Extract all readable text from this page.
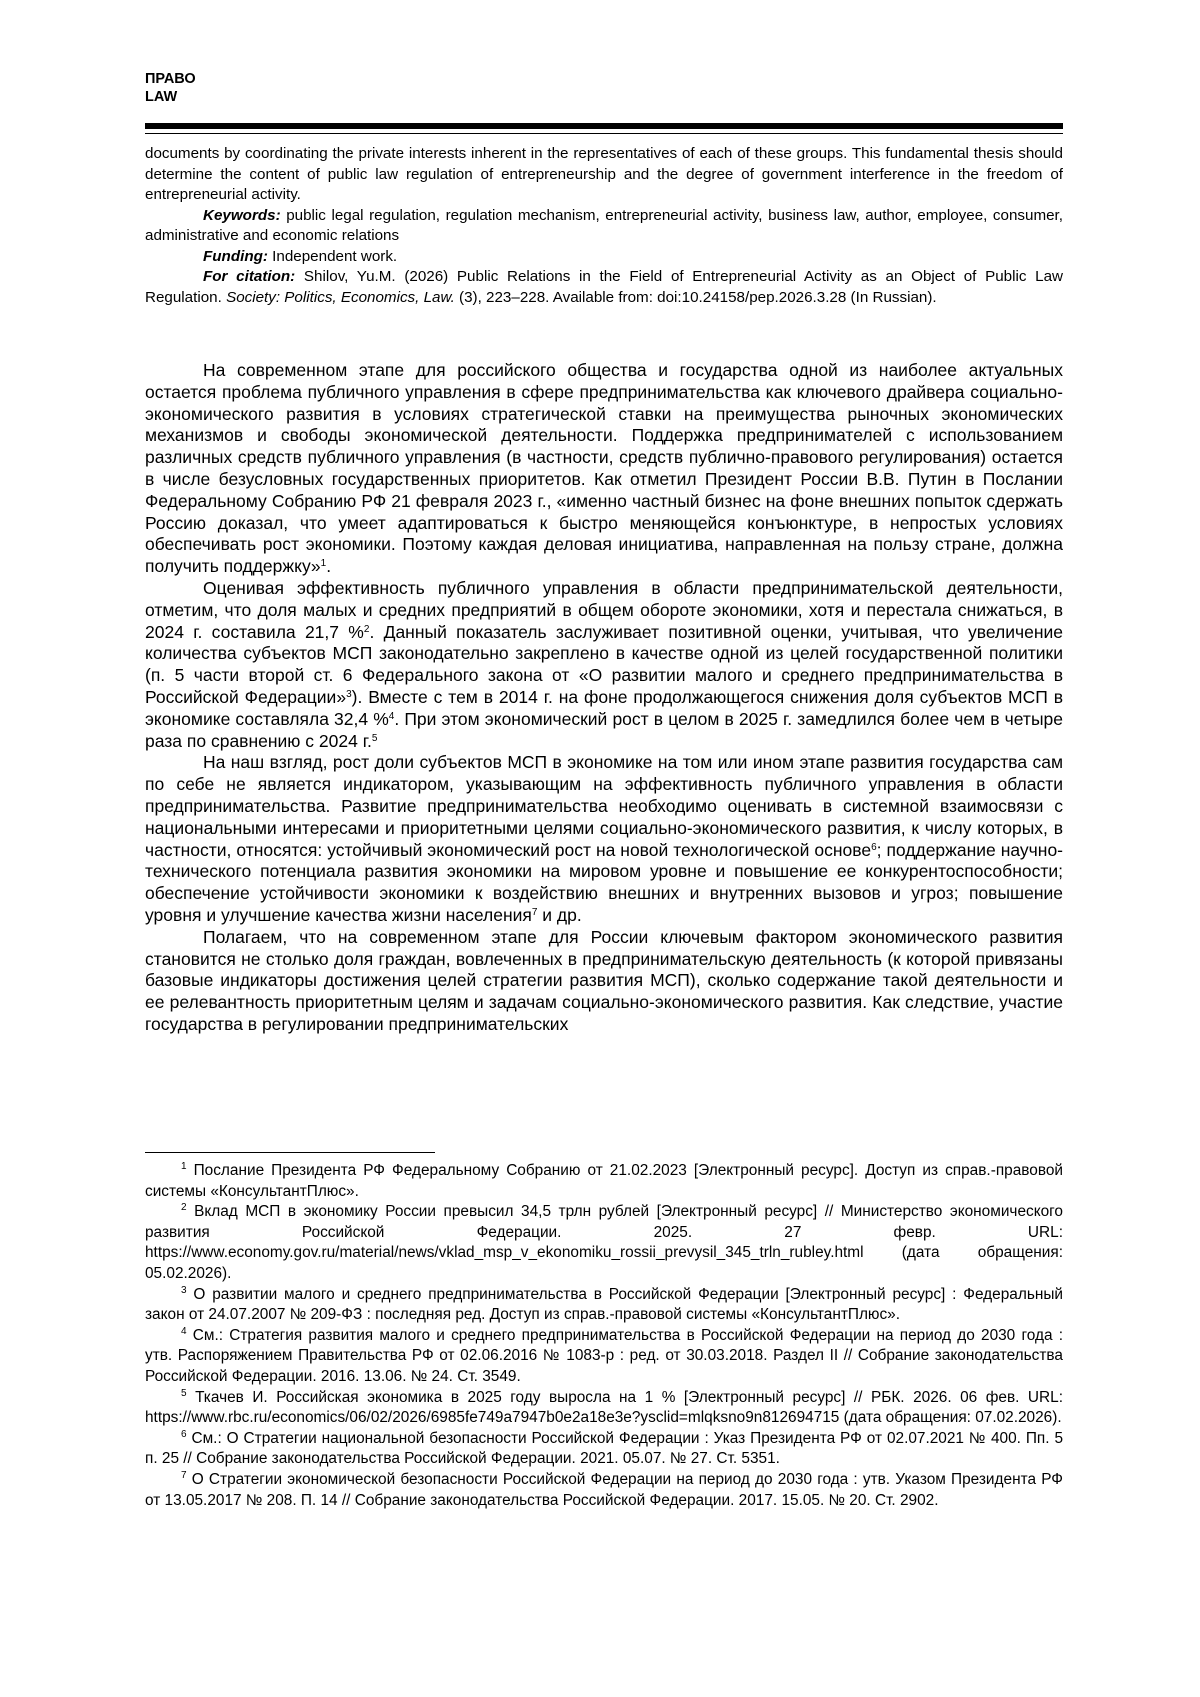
ПРАВО
LAW

documents by coordinating the private interests inherent in the representatives of each of these groups. This fundamental thesis should determine the content of public law regulation of entrepreneurship and the degree of government interference in the freedom of entrepreneurial activity.

Keywords: public legal regulation, regulation mechanism, entrepreneurial activity, business law, author, employee, consumer, administrative and economic relations

Funding: Independent work.

For citation: Shilov, Yu.M. (2026) Public Relations in the Field of Entrepreneurial Activity as an Object of Public Law Regulation. Society: Politics, Economics, Law. (3), 223–228. Available from: doi:10.24158/pep.2026.3.28 (In Russian).

На современном этапе для российского общества и государства одной из наиболее актуальных остается проблема публичного управления в сфере предпринимательства как ключевого драйвера социально-экономического развития в условиях стратегической ставки на преимущества рыночных экономических механизмов и свободы экономической деятельности. Поддержка предпринимателей с использованием различных средств публичного управления (в частности, средств публично-правового регулирования) остается в числе безусловных государственных приоритетов. Как отметил Президент России В.В. Путин в Послании Федеральному Собранию РФ 21 февраля 2023 г., «именно частный бизнес на фоне внешних попыток сдержать Россию доказал, что умеет адаптироваться к быстро меняющейся конъюнктуре, в непростых условиях обеспечивать рост экономики. Поэтому каждая деловая инициатива, направленная на пользу стране, должна получить поддержку»$^1$.

Оценивая эффективность публичного управления в области предпринимательской деятельности, отметим, что доля малых и средних предприятий в общем обороте экономики, хотя и перестала снижаться, в 2024 г. составила 21,7 %$^2$. Данный показатель заслуживает позитивной оценки, учитывая, что увеличение количества субъектов МСП законодательно закреплено в качестве одной из целей государственной политики (п. 5 части второй ст. 6 Федерального закона от «О развитии малого и среднего предпринимательства в Российской Федерации»$^3$). Вместе с тем в 2014 г. на фоне продолжающегося снижения доля субъектов МСП в экономике составляла 32,4 %$^4$. При этом экономический рост в целом в 2025 г. замедлился более чем в четыре раза по сравнению с 2024 г.$^5$

На наш взгляд, рост доли субъектов МСП в экономике на том или ином этапе развития государства сам по себе не является индикатором, указывающим на эффективность публичного управления в области предпринимательства. Развитие предпринимательства необходимо оценивать в системной взаимосвязи с национальными интересами и приоритетными целями социально-экономического развития, к числу которых, в частности, относятся: устойчивый экономический рост на новой технологической основе$^6$; поддержание научно-технического потенциала развития экономики на мировом уровне и повышение ее конкурентоспособности; обеспечение устойчивости экономики к воздействию внешних и внутренних вызовов и угроз; повышение уровня и улучшение качества жизни населения$^7$ и др.

Полагаем, что на современном этапе для России ключевым фактором экономического развития становится не столько доля граждан, вовлеченных в предпринимательскую деятельность (к которой привязаны базовые индикаторы достижения целей стратегии развития МСП), сколько содержание такой деятельности и ее релевантность приоритетным целям и задачам социально-экономического развития. Как следствие, участие государства в регулировании предпринимательских

$^1$ Послание Президента РФ Федеральному Собранию от 21.02.2023 [Электронный ресурс]. Доступ из справ.-правовой системы «КонсультантПлюс».

$^2$ Вклад МСП в экономику России превысил 34,5 трлн рублей [Электронный ресурс] // Министерство экономического развития Российской Федерации. 2025. 27 февр. URL: https://www.economy.gov.ru/material/news/vklad_msp_v_ekonomiku_rossii_prevysil_345_trln_rubley.html (дата обращения: 05.02.2026).

$^3$ О развитии малого и среднего предпринимательства в Российской Федерации [Электронный ресурс] : Федеральный закон от 24.07.2007 № 209-ФЗ : последняя ред. Доступ из справ.-правовой системы «КонсультантПлюс».

$^4$ См.: Стратегия развития малого и среднего предпринимательства в Российской Федерации на период до 2030 года : утв. Распоряжением Правительства РФ от 02.06.2016 № 1083-р : ред. от 30.03.2018. Раздел II // Собрание законодательства Российской Федерации. 2016. 13.06. № 24. Ст. 3549.

$^5$ Ткачев И. Российская экономика в 2025 году выросла на 1 % [Электронный ресурс] // РБК. 2026. 06 фев. URL: https://www.rbc.ru/economics/06/02/2026/6985fe749a7947b0e2a18e3e?ysclid=mlqksno9n812694715 (дата обращения: 07.02.2026).

$^6$ См.: О Стратегии национальной безопасности Российской Федерации : Указ Президента РФ от 02.07.2021 № 400. Пп. 5 п. 25 // Собрание законодательства Российской Федерации. 2021. 05.07. № 27. Ст. 5351.

$^7$ О Стратегии экономической безопасности Российской Федерации на период до 2030 года : утв. Указом Президента РФ от 13.05.2017 № 208. П. 14 // Собрание законодательства Российской Федерации. 2017. 15.05. № 20. Ст. 2902.
